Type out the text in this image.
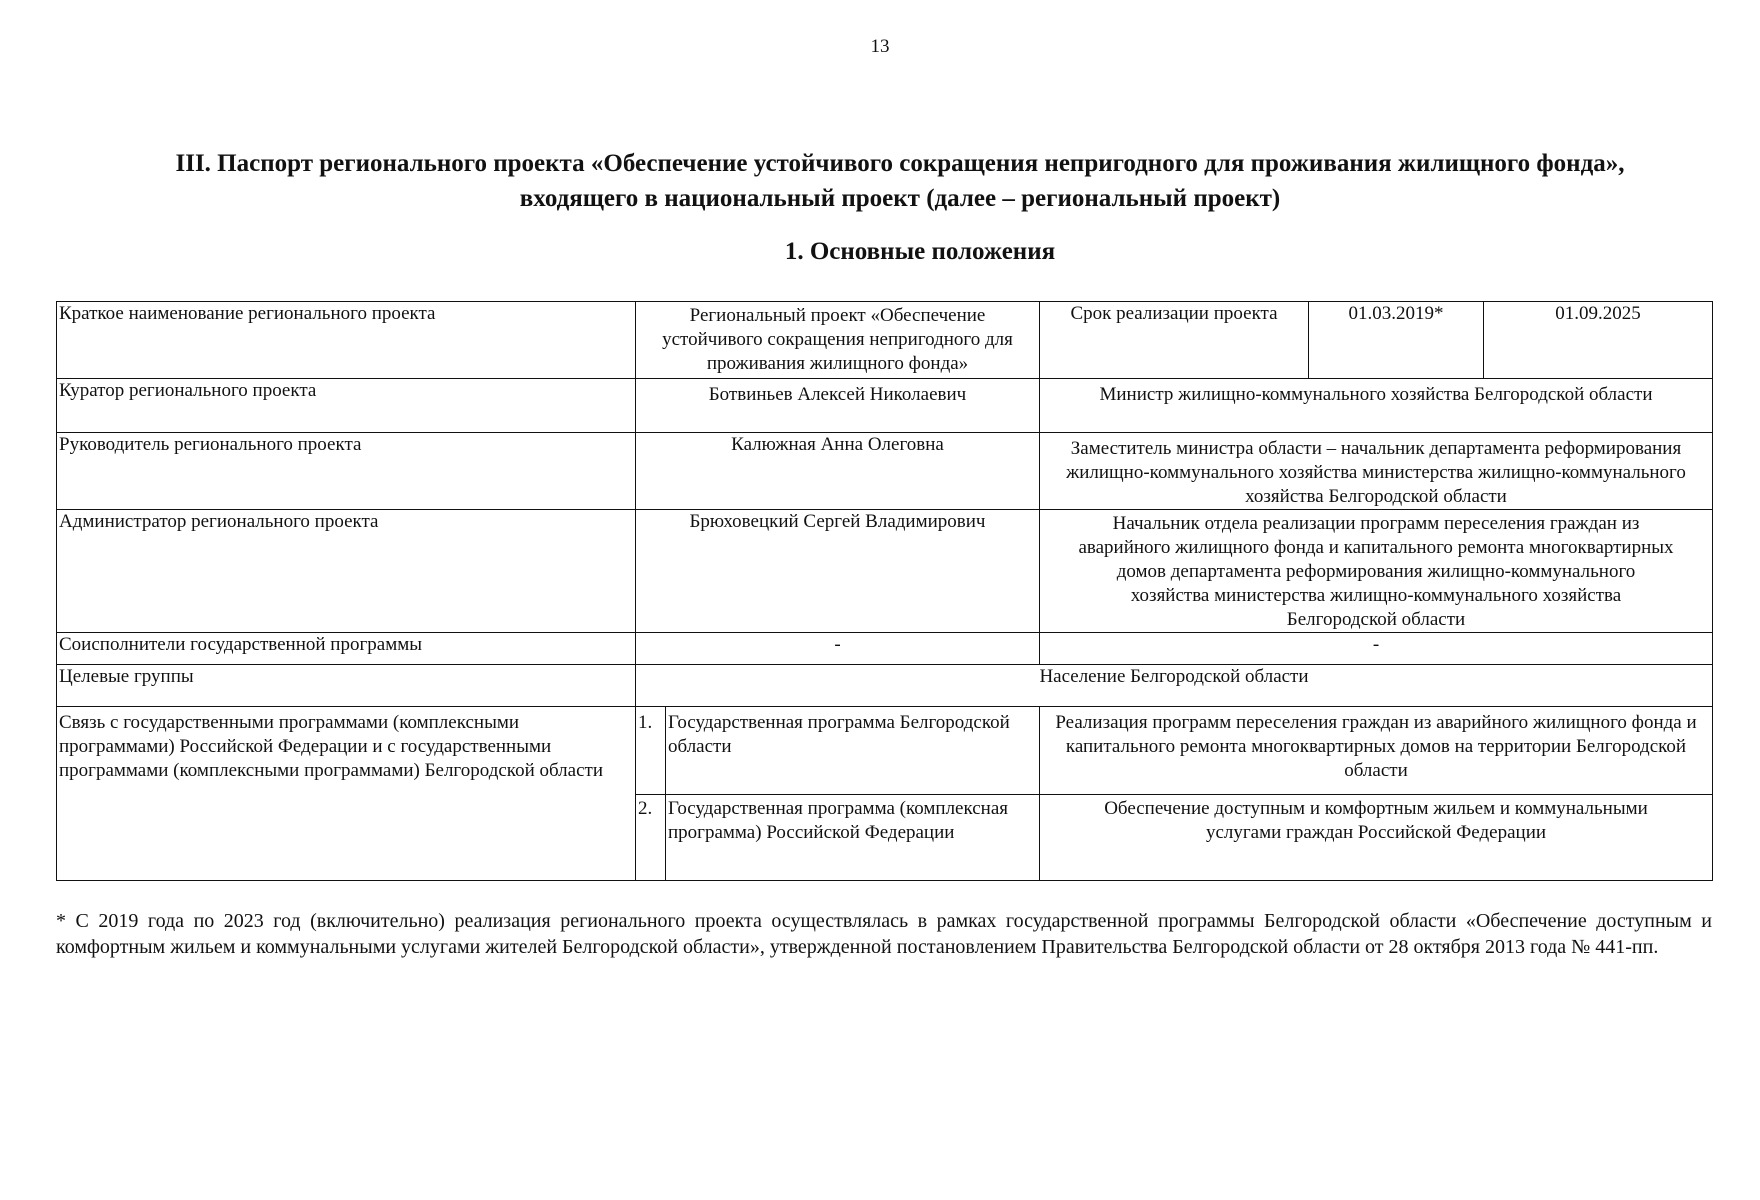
13
III. Паспорт регионального проекта «Обеспечение устойчивого сокращения непригодного для проживания жилищного фонда», входящего в национальный проект (далее – региональный проект)
1. Основные положения
Краткое наименование регионального проекта	Региональный проект «Обеспечение устойчивого сокращения непригодного для проживания жилищного фонда»		Срок реализации проекта	01.03.2019*	01.09.2025
Куратор регионального проекта	Ботвиньев Алексей Николаевич		Министр жилищно-коммунального хозяйства Белгородской области		
Руководитель регионального проекта	Калюжная Анна Олеговна		Заместитель министра области – начальник департамента реформирования жилищно-коммунального хозяйства министерства жилищно-коммунального хозяйства Белгородской области		
Администратор регионального проекта	Брюховецкий Сергей Владимирович		Начальник отдела реализации программ переселения граждан из аварийного жилищного фонда и капитального ремонта многоквартирных домов департамента реформирования жилищно-коммунального хозяйства министерства жилищно-коммунального хозяйства Белгородской области		
Соисполнители государственной программы	-		-		
Целевые группы	Население Белгородской области				
Связь с государственными программами (комплексными программами) Российской Федерации и с государственными программами (комплексными программами) Белгородской области	1.	Государственная программа Белгородской области	Реализация программ переселения граждан из аварийного жилищного фонда и капитального ремонта многоквартирных домов на территории Белгородской области		
	2.	Государственная программа (комплексная программа) Российской Федерации	Обеспечение доступным и комфортным жильем и коммунальными услугами граждан Российской Федерации		
* С 2019 года по 2023 год (включительно) реализация регионального проекта осуществлялась в рамках государственной программы Белгородской области «Обеспечение доступным и комфортным жильем и коммунальными услугами жителей Белгородской области», утвержденной постановлением Правительства Белгородской области от 28 октября 2013 года № 441-пп.
